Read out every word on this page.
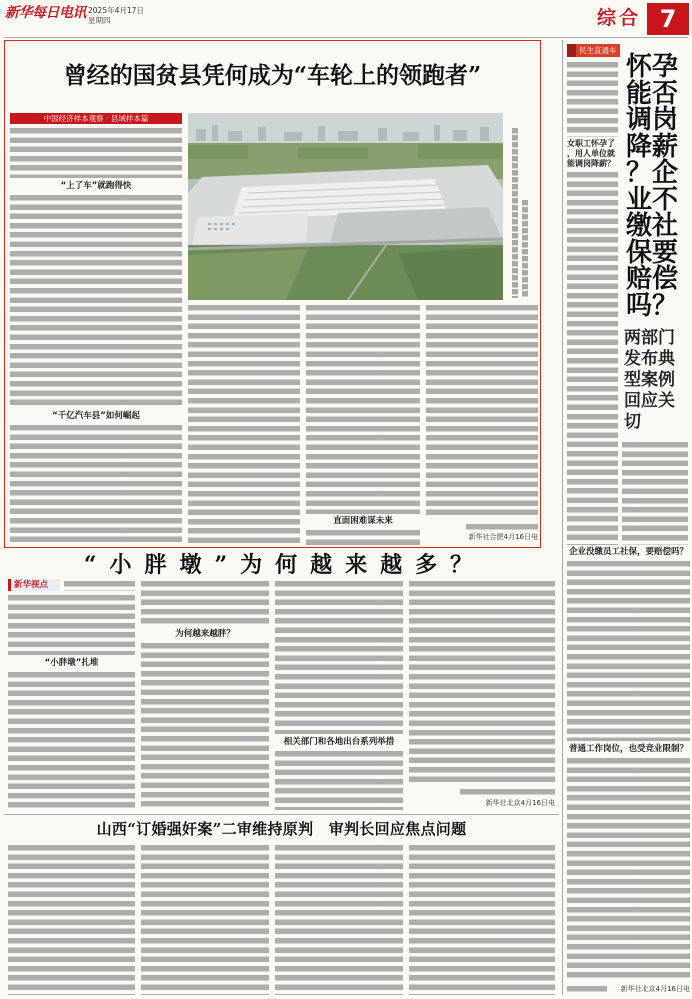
新华每日电讯 2025年4月17日
星期四	综合 7
曾经的国贫县凭何成为“车轮上的领跑者”
中国经济样本观察 · 县域样本篇
“上了车”就跑得快
“千亿汽车县”如何崛起
直面困难谋未来
新华社合肥4月16日电
民生直通车
女职工怀孕了，用人单位就能调岗降薪？
怀孕能否调岗降薪？企业不缴社保要赔偿吗？
两部门发布典型案例回应关切
企业没缴员工社保，要赔偿吗？
普通工作岗位，也受竞业限制？
新华社北京4月16日电
“小胖墩”为何越来越多？
新华视点
“小胖墩”扎堆
为何越来越胖？
相关部门和各地出台系列举措
新华社北京4月16日电
山西“订婚强奸案”二审维持原判　审判长回应焦点问题
